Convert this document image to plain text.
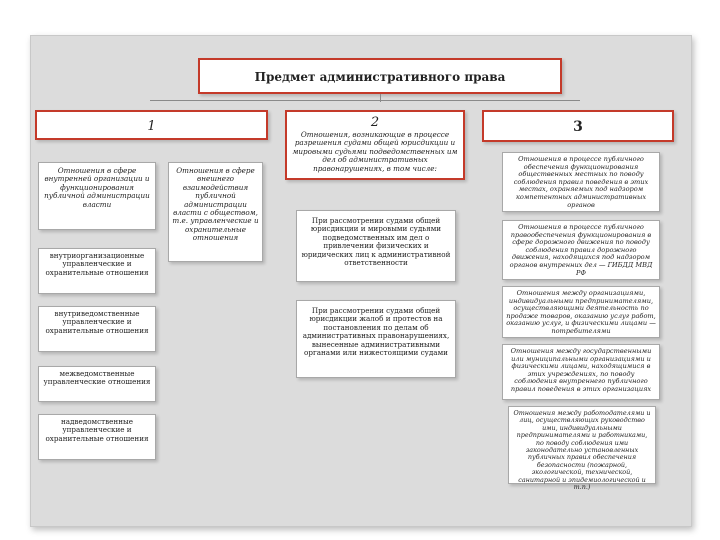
Предмет административного права
1	2
Отношения, возникающие в процессе разрешения судами общей юрисдикции и мировыми судьями подведомственных им дел об административных правонарушениях, в том числе:
3
Отношения в сфере внутренней организации и функционирования публичной администрации власти
внутриорганизационные управленческие и охранительные отношения
внутриведомственные управленческие и охранительные отношения
межведомственные управленческие отношения
надведомственные управленческие и охранительные отношения
Отношения в сфере внешнего взаимодействия публичной администрации власти с обществом, т.е. управленческие и охранительные отношения
При рассмотрении судами общей юрисдикции и мировыми судьями подведомственных им дел о привлечении физических и юридических лиц к административной ответственности
При рассмотрении судами общей юрисдикции жалоб и протестов на постановления по делам об административных правонарушениях, вынесенные административными органами или нижестоящими судами
Отношения в процессе публичного обеспечения функционирования общественных местных по поводу соблюдения правил поведения в этих местах, охраняемых под надзором компетентных административных органов
Отношения в процессе публичного правообеспечения функционирования в сфере дорожного движения по поводу соблюдения правил дорожного движения, находящихся под надзором органов внутренних дел — ГИБДД МВД РФ
Отношения между организациями, индивидуальными предпринимателями, осуществляющими деятельность по продаже товаров, оказанию услуг работ, оказанию услуг, и физическими лицами — потребителями
Отношения между государственными или муниципальными организациями и физическими лицами, находящимися в этих учреждениях, по поводу соблюдения внутреннего публичного правил поведения в этих организациях
Отношения между работодателями и лиц, осуществляющих руководство ими, индивидуальными предпринимателями и работниками, по поводу соблюдения ими законодательно установленных публичных правил обеспечения безопасности (пожарной, экологической, технической, санитарной и эпидемиологической и т.п.)
